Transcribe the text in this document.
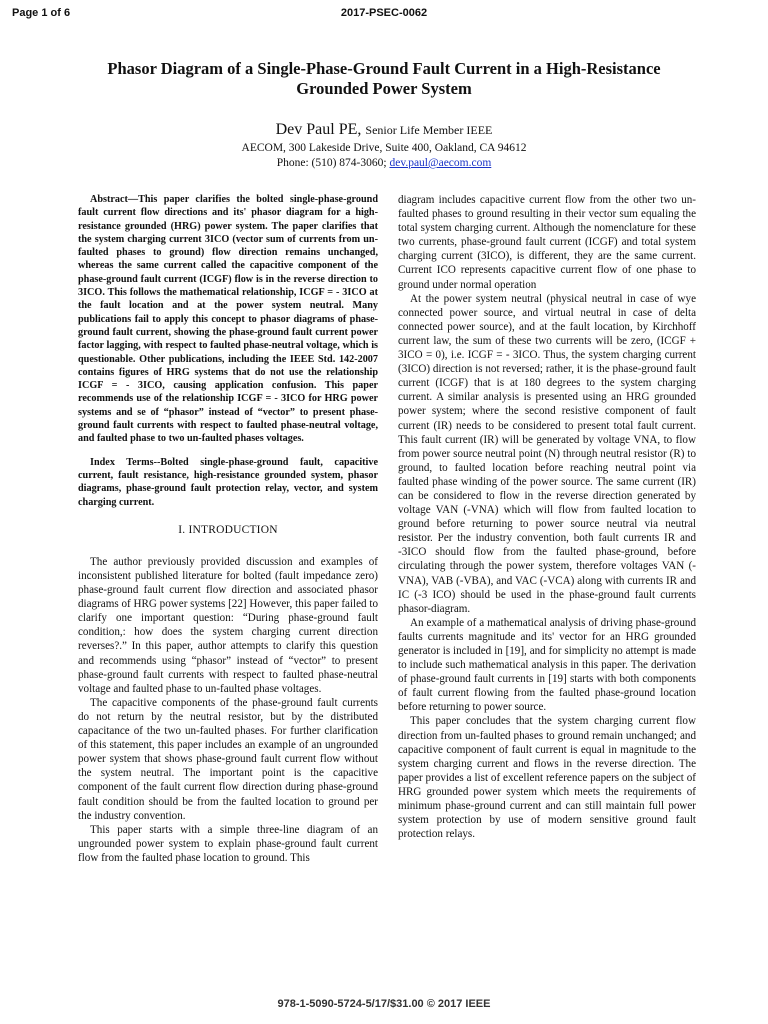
Page 1 of 6	2017-PSEC-0062
Phasor Diagram of a Single-Phase-Ground Fault Current in a High-Resistance
Grounded Power System
Dev Paul PE, Senior Life Member IEEE
AECOM, 300 Lakeside Drive, Suite 400, Oakland, CA 94612
Phone: (510) 874-3060; dev.paul@aecom.com

Abstract—This paper clarifies the bolted single-phase-ground fault current flow directions and its' phasor diagram for a high-resistance grounded (HRG) power system. The paper clarifies that the system charging current 3ICO (vector sum of currents from un-faulted phases to ground) flow direction remains unchanged, whereas the same current called the capacitive component of the phase-ground fault current (ICGF) flow is in the reverse direction to 3ICO. This follows the mathematical relationship, ICGF = - 3ICO at the fault location and at the power system neutral. Many publications fail to apply this concept to phasor diagrams of phase-ground fault current, showing the phase-ground fault current power factor lagging, with respect to faulted phase-neutral voltage, which is questionable. Other publications, including the IEEE Std. 142-2007 contains figures of HRG systems that do not use the relationship ICGF = - 3ICO, causing application confusion. This paper recommends use of the relationship ICGF = - 3ICO for HRG power systems and se of “phasor” instead of “vector” to present phase-ground fault currents with respect to faulted phase-neutral voltage, and faulted phase to two un-faulted phases voltages.

Index Terms--Bolted single-phase-ground fault, capacitive current, fault resistance, high-resistance grounded system, phasor diagrams, phase-ground fault protection relay, vector, and system charging current.

I. INTRODUCTION

The author previously provided discussion and examples of inconsistent published literature for bolted (fault impedance zero) phase-ground fault current flow direction and associated phasor diagrams of HRG power systems [22] However, this paper failed to clarify one important question: “During phase-ground fault condition,: how does the system charging current direction reverses?.” In this paper, author attempts to clarify this question and recommends using “phasor” instead of “vector” to present phase-ground fault currents with respect to faulted phase-neutral voltage and faulted phase to un-faulted phase voltages.

The capacitive components of the phase-ground fault currents do not return by the neutral resistor, but by the distributed capacitance of the two un-faulted phases. For further clarification of this statement, this paper includes an example of an ungrounded power system that shows phase-ground fault current flow without the system neutral. The important point is the capacitive component of the fault current flow direction during phase-ground fault condition should be from the faulted location to ground per the industry convention.

This paper starts with a simple three-line diagram of an ungrounded power system to explain phase-ground fault current flow from the faulted phase location to ground. This

diagram includes capacitive current flow from the other two un-faulted phases to ground resulting in their vector sum equaling the total system charging current. Although the nomenclature for these two currents, phase-ground fault current (ICGF) and total system charging current (3ICO), is different, they are the same current. Current ICO represents capacitive current flow of one phase to ground under normal operation

At the power system neutral (physical neutral in case of wye connected power source, and virtual neutral in case of delta connected power source), and at the fault location, by Kirchhoff current law, the sum of these two currents will be zero, (ICGF + 3ICO = 0), i.e. ICGF = - 3ICO. Thus, the system charging current (3ICO) direction is not reversed; rather, it is the phase-ground fault current (ICGF) that is at 180 degrees to the system charging current. A similar analysis is presented using an HRG grounded power system; where the second resistive component of fault current (IR) needs to be considered to present total fault current. This fault current (IR) will be generated by voltage VNA, to flow from power source neutral point (N) through neutral resistor (R) to ground, to faulted location before reaching neutral point via faulted phase winding of the power source. The same current (IR) can be considered to flow in the reverse direction generated by voltage VAN (-VNA) which will flow from faulted location to ground before returning to power source neutral via neutral resistor. Per the industry convention, both fault currents IR and -3ICO should flow from the faulted phase-ground, before circulating through the power system, therefore voltages VAN (-VNA), VAB (-VBA), and VAC (-VCA) along with currents IR and IC (-3 ICO) should be used in the phase-ground fault currents phasor-diagram.

An example of a mathematical analysis of driving phase-ground faults currents magnitude and its' vector for an HRG grounded generator is included in [19], and for simplicity no attempt is made to include such mathematical analysis in this paper. The derivation of phase-ground fault currents in [19] starts with both components of fault current flowing from the faulted phase-ground location before returning to power source.

This paper concludes that the system charging current flow direction from un-faulted phases to ground remain unchanged; and capacitive component of fault current is equal in magnitude to the system charging current and flows in the reverse direction. The paper provides a list of excellent reference papers on the subject of HRG grounded power system which meets the requirements of minimum phase-ground current and can still maintain full power system protection by use of modern sensitive ground fault protection relays.

978-1-5090-5724-5/17/$31.00 © 2017 IEEE
